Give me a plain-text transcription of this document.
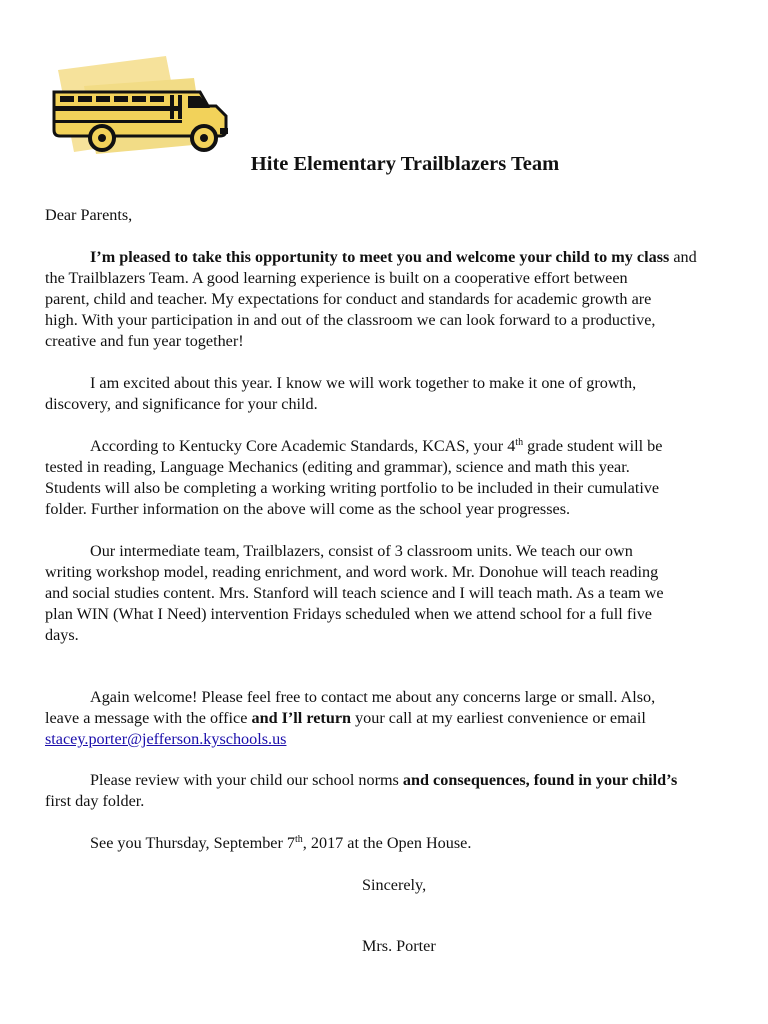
Hite Elementary Trailblazers Team
Dear Parents,
I’m pleased to take this opportunity to meet you and welcome your child to my class and
the Trailblazers Team. A good learning experience is built on a cooperative effort between
parent, child and teacher. My expectations for conduct and standards for academic growth are
high. With your participation in and out of the classroom we can look forward to a productive,
creative and fun year together!
I am excited about this year. I know we will work together to make it one of growth,
discovery, and significance for your child.
According to Kentucky Core Academic Standards, KCAS, your 4th grade student will be
tested in reading, Language Mechanics (editing and grammar), science and math this year.
Students will also be completing a working writing portfolio to be included in their cumulative
folder. Further information on the above will come as the school year progresses.
Our intermediate team, Trailblazers, consist of 3 classroom units. We teach our own
writing workshop model, reading enrichment, and word work. Mr. Donohue will teach reading
and social studies content. Mrs. Stanford will teach science and I will teach math. As a team we
plan WIN (What I Need) intervention Fridays scheduled when we attend school for a full five
days.
Again welcome! Please feel free to contact me about any concerns large or small. Also,
leave a message with the office and I’ll return your call at my earliest convenience or email
stacey.porter@jefferson.kyschools.us
Please review with your child our school norms and consequences, found in your child’s
first day folder.
See you Thursday, September 7th, 2017 at the Open House.
Sincerely,
Mrs. Porter
